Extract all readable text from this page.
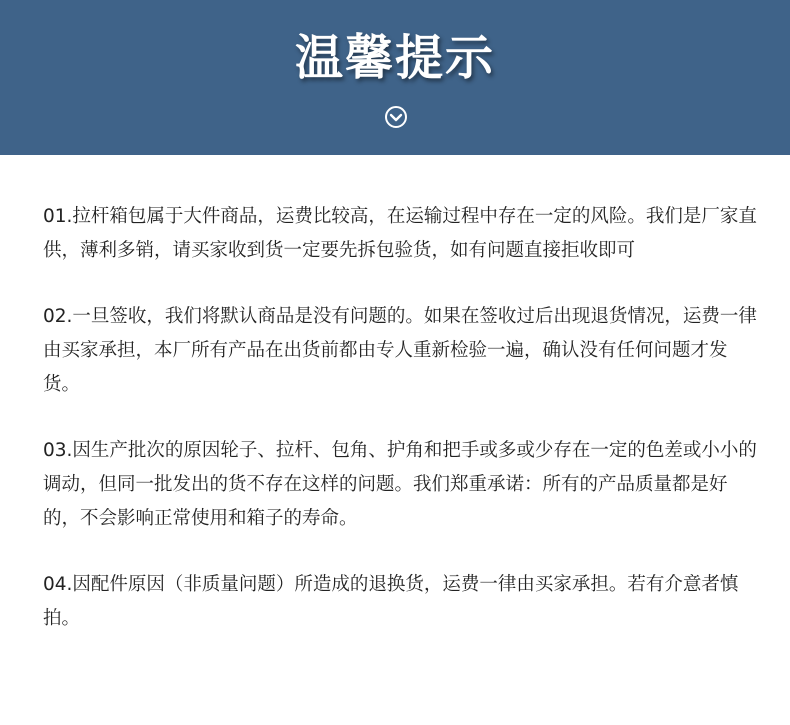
温馨提示

01.拉杆箱包属于大件商品，运费比较高，在运输过程中存在一定的风险。我们是厂家直供，薄利多销，请买家收到货一定要先拆包验货，如有问题直接拒收即可

02.一旦签收，我们将默认商品是没有问题的。如果在签收过后出现退货情况，运费一律由买家承担，本厂所有产品在出货前都由专人重新检验一遍，确认没有任何问题才发货。

03.因生产批次的原因轮子、拉杆、包角、护角和把手或多或少存在一定的色差或小小的调动，但同一批发出的货不存在这样的问题。我们郑重承诺：所有的产品质量都是好的，不会影响正常使用和箱子的寿命。

04.因配件原因（非质量问题）所造成的退换货，运费一律由买家承担。若有介意者慎拍。
